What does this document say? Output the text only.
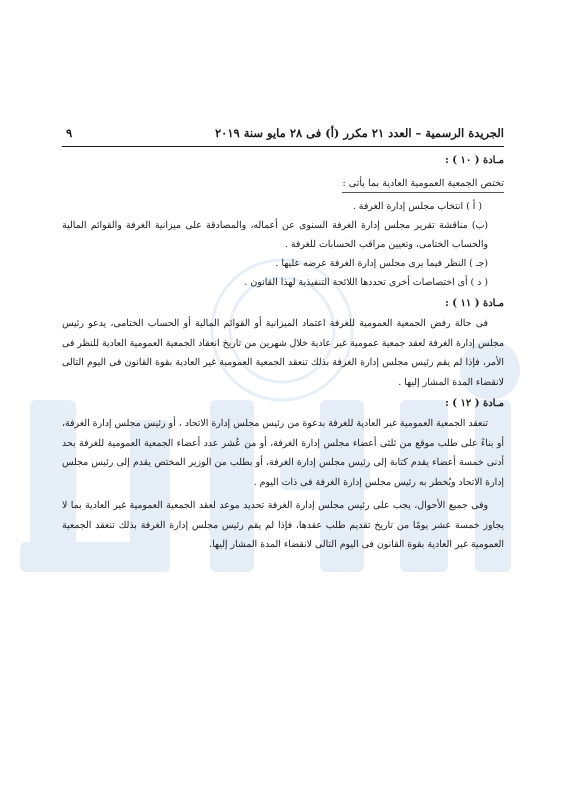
الجريدة الرسمية – العدد ٢١ مكرر (أ) فى ٢٨ مايو سنة ٢٠١٩
٩
مـادة ( ١٠ ) :
تختص الجمعية العمومية العادية بما يأتى :

( أ ) انتخاب مجلس إدارة الغرفة .

(ب) مناقشة تقرير مجلس إدارة الغرفة السنوى عن أعماله، والمصادقة على ميزانية الغرفة والقوائم المالية والحساب الختامى، وتعيين مراقب الحسابات للغرفة .

(جـ ) النظر فيما يرى مجلس إدارة الغرفة عرضه عليها .

( د ) أى اختصاصات أخرى تحددها اللائحة التنفيذية لهذا القانون .

مـادة ( ١١ ) :

فى حالة رفض الجمعية العمومية للغرفة اعتماد الميزانية أو القوائم المالية أو الحساب الختامى، يدعو رئيس مجلس إدارة الغرفة لعقد جمعية عمومية غير عادية خلال شهرين من تاريخ انعقاد الجمعية العمومية العادية للنظر فى الأمر، فإذا لم يقم رئيس مجلس إدارة الغرفة بذلك تنعقد الجمعية العمومية غير العادية بقوة القانون فى اليوم التالى لانقضاء المدة المشار إليها .

مـادة ( ١٢ ) :

تنعقد الجمعية العمومية غير العادية للغرفة بدعوة من رئيس مجلس إدارة الاتحاد ، أو رئيس مجلس إدارة الغرفة، أو بناءً على طلب موقع من ثلثى أعضاء مجلس إدارة الغرفة، أو من عُشر عدد أعضاء الجمعية العمومية للغرفة بحد أدنى خمسة أعضاء يقدم كتابة إلى رئيس مجلس إدارة الغرفة، أو بطلب من الوزير المختص يقدم إلى رئيس مجلس إدارة الاتحاد ويُخطر به رئيس مجلس إدارة الغرفة فى ذات اليوم .

وفى جميع الأحوال، يجب على رئيس مجلس إدارة الغرفة تحديد موعد لعقد الجمعية العمومية غير العادية بما لا يجاوز خمسة عشر يومًا من تاريخ تقديم طلب عقدها، فإذا لم يقم رئيس مجلس إدارة الغرفة بذلك تنعقد الجمعية العمومية غير العادية بقوة القانون فى اليوم التالى لانقضاء المدة المشار إليها.
